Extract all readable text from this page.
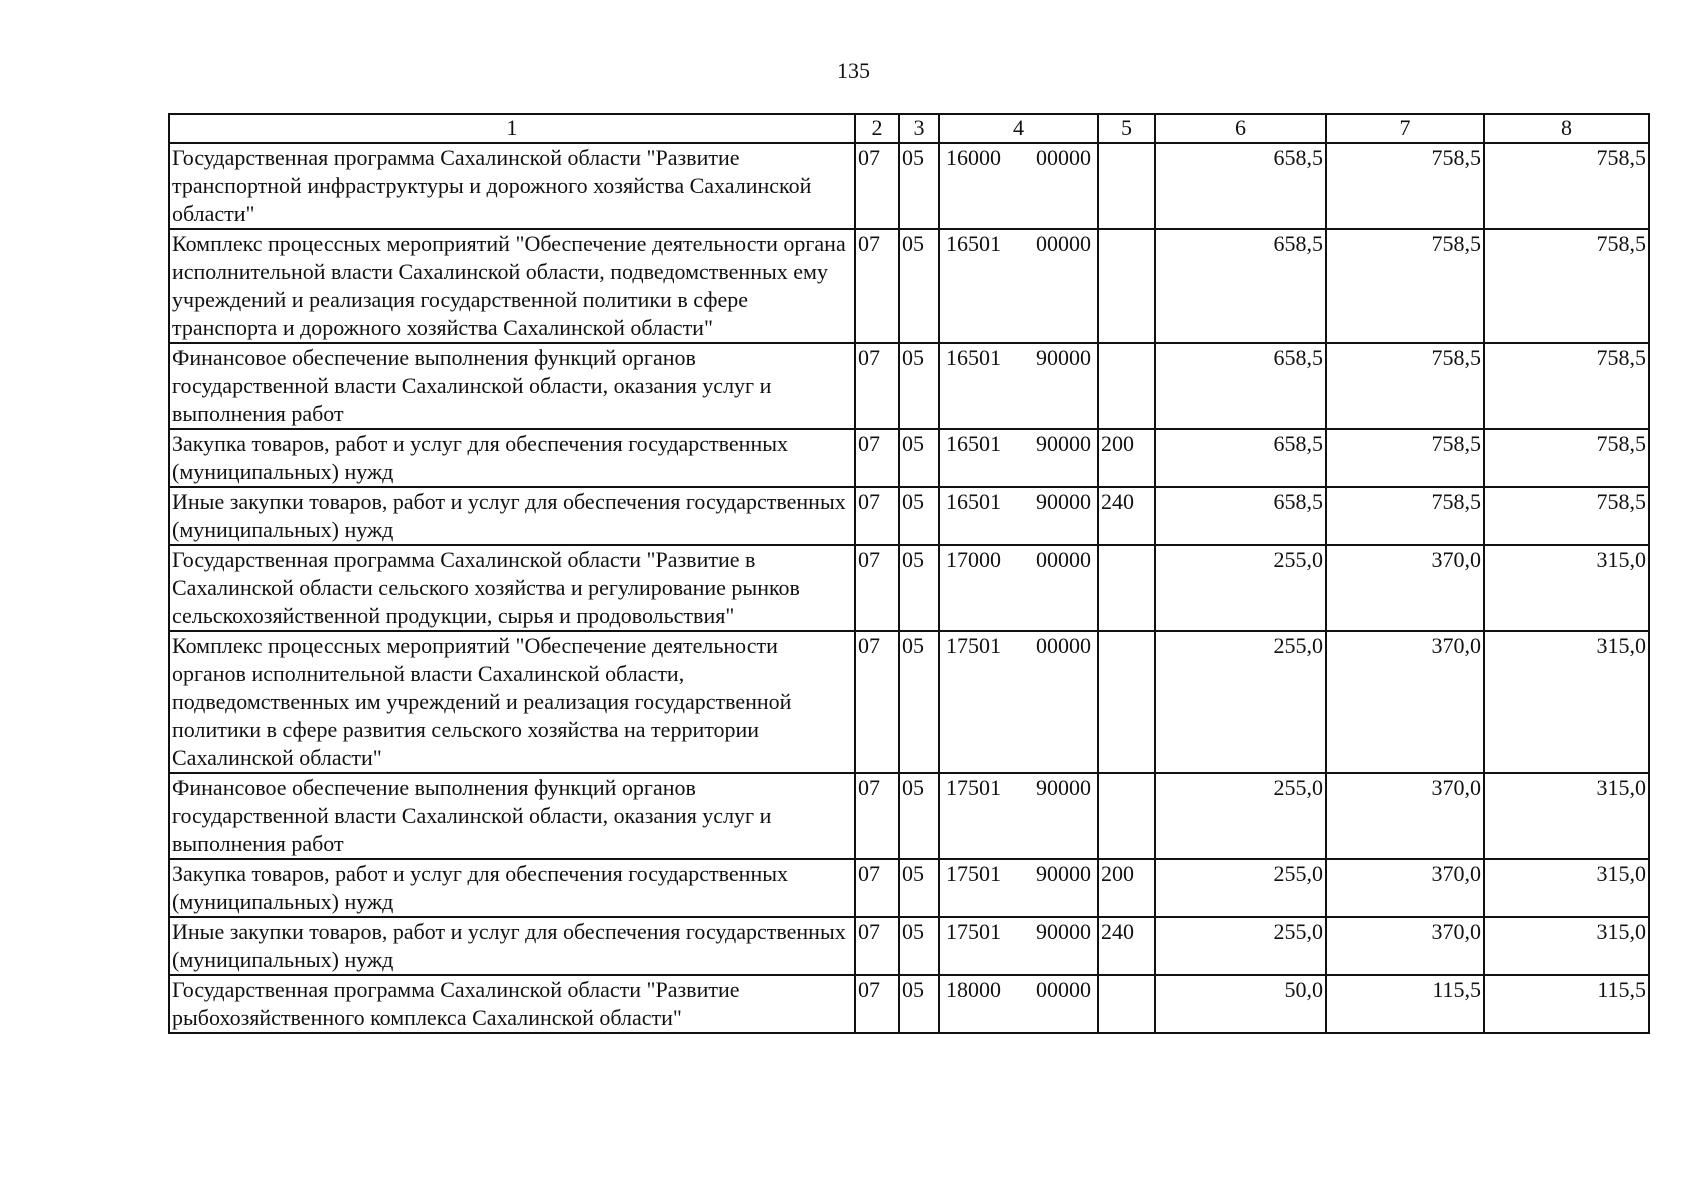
135
1	2	3	4	5	6	7	8
Государственная программа Сахалинской области "Развитие транспортной инфраструктуры и дорожного хозяйства Сахалинской области"	07	05	16000 00000		658,5	758,5	758,5
Комплекс процессных мероприятий "Обеспечение деятельности органа исполнительной власти Сахалинской области, подведомственных ему учреждений и реализация государственной политики в сфере транспорта и дорожного хозяйства Сахалинской области"	07	05	16501 00000		658,5	758,5	758,5
Финансовое обеспечение выполнения функций органов государственной власти Сахалинской области, оказания услуг и выполнения работ	07	05	16501 90000		658,5	758,5	758,5
Закупка товаров, работ и услуг для обеспечения государственных (муниципальных) нужд	07	05	16501 90000	200	658,5	758,5	758,5
Иные закупки товаров, работ и услуг для обеспечения государственных (муниципальных) нужд	07	05	16501 90000	240	658,5	758,5	758,5
Государственная программа Сахалинской области "Развитие в Сахалинской области сельского хозяйства и регулирование рынков сельскохозяйственной продукции, сырья и продовольствия"	07	05	17000 00000		255,0	370,0	315,0
Комплекс процессных мероприятий "Обеспечение деятельности органов исполнительной власти Сахалинской области, подведомственных им учреждений и реализация государственной политики в сфере развития сельского хозяйства на территории Сахалинской области"	07	05	17501 00000		255,0	370,0	315,0
Финансовое обеспечение выполнения функций органов государственной власти Сахалинской области, оказания услуг и выполнения работ	07	05	17501 90000		255,0	370,0	315,0
Закупка товаров, работ и услуг для обеспечения государственных (муниципальных) нужд	07	05	17501 90000	200	255,0	370,0	315,0
Иные закупки товаров, работ и услуг для обеспечения государственных (муниципальных) нужд	07	05	17501 90000	240	255,0	370,0	315,0
Государственная программа Сахалинской области "Развитие рыбохозяйственного комплекса Сахалинской области"	07	05	18000 00000		50,0	115,5	115,5
